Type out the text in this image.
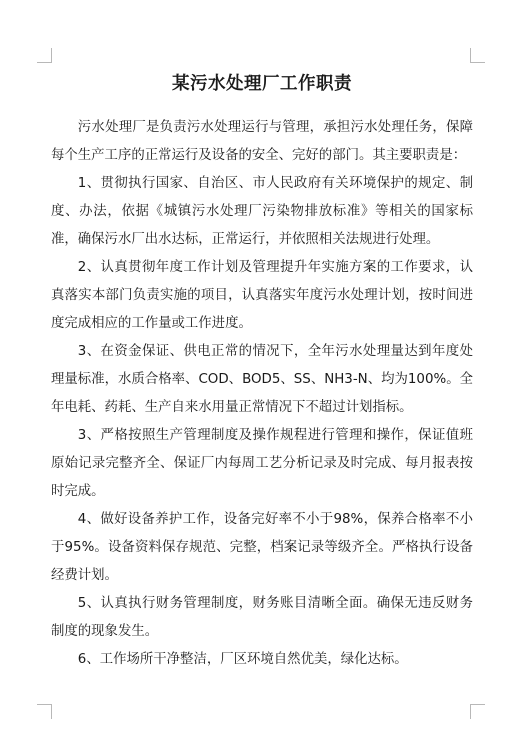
某污水处理厂工作职责

污水处理厂是负责污水处理运行与管理，承担污水处理任务，保障每个生产工序的正常运行及设备的安全、完好的部门。其主要职责是：

1、贯彻执行国家、自治区、市人民政府有关环境保护的规定、制度、办法，依据《城镇污水处理厂污染物排放标准》等相关的国家标准，确保污水厂出水达标，正常运行，并依照相关法规进行处理。

2、认真贯彻年度工作计划及管理提升年实施方案的工作要求，认真落实本部门负责实施的项目，认真落实年度污水处理计划，按时间进度完成相应的工作量或工作进度。

3、在资金保证、供电正常的情况下，全年污水处理量达到年度处理量标准，水质合格率、COD、BOD5、SS、NH3-N、均为100%。全年电耗、药耗、生产自来水用量正常情况下不超过计划指标。

3、严格按照生产管理制度及操作规程进行管理和操作，保证值班原始记录完整齐全、保证厂内每周工艺分析记录及时完成、每月报表按时完成。

4、做好设备养护工作，设备完好率不小于98%，保养合格率不小于95%。设备资料保存规范、完整，档案记录等级齐全。严格执行设备经费计划。

5、认真执行财务管理制度，财务账目清晰全面。确保无违反财务制度的现象发生。

6、工作场所干净整洁，厂区环境自然优美，绿化达标。
